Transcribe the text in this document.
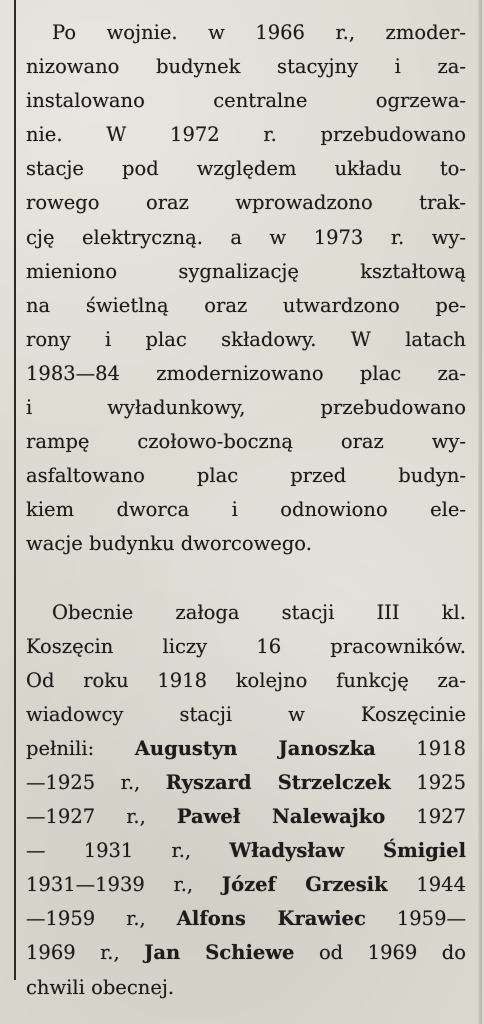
Po wojnie. w 1966 r., zmoder-
nizowano budynek stacyjny i za-
instalowano centralne ogrzewa-
nie. W 1972 r. przebudowano
stacje pod względem układu to-
rowego oraz wprowadzono trak-
cję elektryczną. a w 1973 r. wy-
mieniono sygnalizację kształtową
na świetlną oraz utwardzono pe-
rony i plac składowy. W latach
1983—84 zmodernizowano plac za-
i wyładunkowy, przebudowano
rampę czołowo-boczną oraz wy-
asfaltowano plac przed budyn-
kiem dworca i odnowiono ele-
wacje budynku dworcowego.

Obecnie załoga stacji III kl.
Koszęcin liczy 16 pracowników.
Od roku 1918 kolejno funkcję za-
wiadowcy stacji w Koszęcinie
pełnili: Augustyn Janoszka 1918
—1925 r., Ryszard Strzelczek 1925
—1927 r., Paweł Nalewajko 1927
— 1931 r., Władysław Śmigiel
1931—1939 r., Józef Grzesik 1944
—1959 r., Alfons Krawiec 1959—
1969 r., Jan Schiewe od 1969 do
chwili obecnej.
